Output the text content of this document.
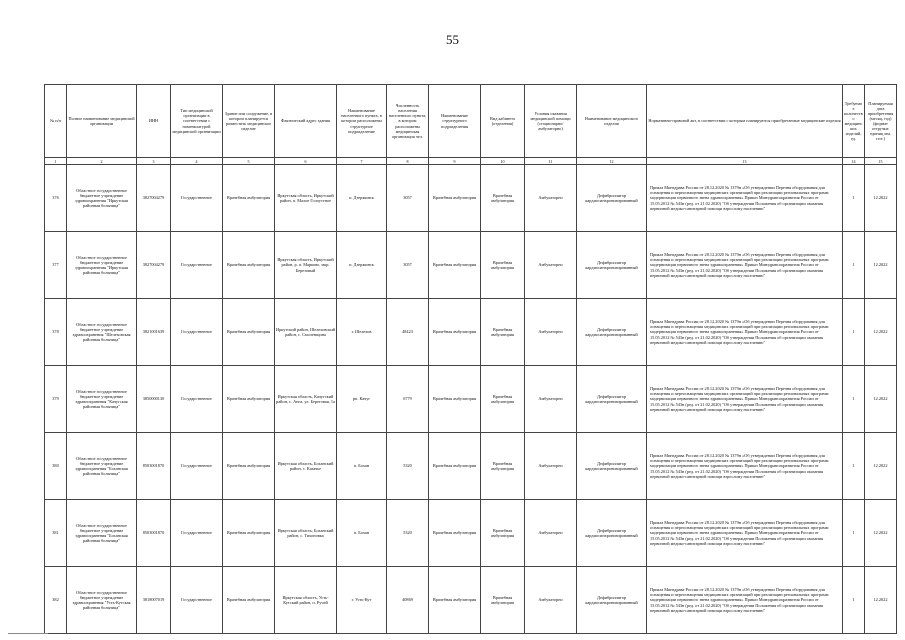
55
№ п/п	Полное наименование медицинской организации	ИНН	Тип медицинской организации в соответствии с номенклатурой медицинской организации	Здание или сооружение, в котором планируется разместить медицинское изделие	Фактический адрес здания	Наименование населенного пункта, в котором расположены структурное подразделение	Численность населения населенного пункта, в котором расположены медицинская организация чел.	Наименование структурного подразделения	Вид кабинета (отделения)	Условия оказания медицинской помощи (стационарно/амбулаторно)	Наименование медицинского изделия	Нормативно-правовой акт, в соответствии с которым планируются приобретаемые медицинские изделия	Требуемое количество медицинских изделий, ед.	Планируемая дата приобретения (месяц, год) (формат отгрузки: единиц мм. гггг.)
1	2	3	4	5	6	7	8	9	10	11	12	13	14	15
376	Областное государственное бюджетное учреждение здравоохранения "Иркутская районная больница"	3827004279	Государственное	Врачебная амбулатория	Иркутская область, Иркутский район, п. Малое Голоустное	п. Дзержинск	3057	Врачебная амбулатория	Врачебная амбулатория	Амбулаторно	Дефибриллятор кардиосинхронизированный	Приказ Минздрава России от 28.12.2020 № 1379н «Об утверждении Перечня оборудования для оснащения и переоснащения медицинских организаций при реализации региональных программ модернизации первичного звена здравоохранения» Приказ Минздравсоцразвития России от 15.05.2012 № 543н (ред. от 21.02.2020) "Об утверждении Положения об организации оказания первичной медико-санитарной помощи взрослому населению"	1	12.2022
377	Областное государственное бюджетное учреждение здравоохранения "Иркутская районная больница"	3827004279	Государственное	Врачебная амбулатория	Иркутская область, Иркутский район, р. п. Марково, мкр. Березовый	п. Дзержинск	3057	Врачебная амбулатория	Врачебная амбулатория	Амбулаторно	Дефибриллятор кардиосинхронизированный	Приказ Минздрава России от 28.12.2020 № 1379н «Об утверждении Перечня оборудования для оснащения и переоснащения медицинских организаций при реализации региональных программ модернизации первичного звена здравоохранения» Приказ Минздравсоцразвития России от 15.05.2012 № 543н (ред. от 21.02.2020) "Об утверждении Положения об организации оказания первичной медико-санитарной помощи взрослому населению"	1	12.2022
378	Областное государственное бюджетное учреждение здравоохранения "Шелеховская районная больница"	3821001639	Государственное	Врачебная амбулатория	Иркутский район, Шелеховский район, с. Смоленщина	г. Шелехов	48423	Врачебная амбулатория	Врачебная амбулатория	Амбулаторно	Дефибриллятор кардиосинхронизированный	Приказ Минздрава России от 28.12.2020 № 1379н «Об утверждении Перечня оборудования для оснащения и переоснащения медицинских организаций при реализации региональных программ модернизации первичного звена здравоохранения» Приказ Минздравсоцразвития России от 15.05.2012 № 543н (ред. от 21.02.2020) "Об утверждении Положения об организации оказания первичной медико-санитарной помощи взрослому населению"	1	12.2022
379	Областное государственное бюджетное учреждение здравоохранения "Качугская районная больница"	3850000130	Государственное	Врачебная амбулатория	Иркутская область, Качугский район, с. Анга, ул. Береговая, 1а	рп. Качуг	6779	Врачебная амбулатория	Врачебная амбулатория	Амбулаторно	Дефибриллятор кардиосинхронизированный	Приказ Минздрава России от 28.12.2020 № 1379н «Об утверждении Перечня оборудования для оснащения и переоснащения медицинских организаций при реализации региональных программ модернизации первичного звена здравоохранения» Приказ Минздравсоцразвития России от 15.05.2012 № 543н (ред. от 21.02.2020) "Об утверждении Положения об организации оказания первичной медико-санитарной помощи взрослому населению"	1	12.2022
380	Областное государственное бюджетное учреждение здравоохранения "Боханская районная больница"	8503001870	Государственное	Врачебная амбулатория	Иркутская область, Боханский район, с. Казачье	п. Бохан	5320	Врачебная амбулатория	Врачебная амбулатория	Амбулаторно	Дефибриллятор кардиосинхронизированный	Приказ Минздрава России от 28.12.2020 № 1379н «Об утверждении Перечня оборудования для оснащения и переоснащения медицинских организаций при реализации региональных программ модернизации первичного звена здравоохранения» Приказ Минздравсоцразвития России от 15.05.2012 № 543н (ред. от 21.02.2020) "Об утверждении Положения об организации оказания первичной медико-санитарной помощи взрослому населению"	1	12.2022
381	Областное государственное бюджетное учреждение здравоохранения "Боханская районная больница"	8503001870	Государственное	Врачебная амбулатория	Иркутская область, Боханский район, с. Тихоновка	п. Бохан	5320	Врачебная амбулатория	Врачебная амбулатория	Амбулаторно	Дефибриллятор кардиосинхронизированный	Приказ Минздрава России от 28.12.2020 № 1379н «Об утверждении Перечня оборудования для оснащения и переоснащения медицинских организаций при реализации региональных программ модернизации первичного звена здравоохранения» Приказ Минздравсоцразвития России от 15.05.2012 № 543н (ред. от 21.02.2020) "Об утверждении Положения об организации оказания первичной медико-санитарной помощи взрослому населению"	1	12.2022
382	Областное государственное бюджетное учреждение здравоохранения "Усть-Кутская районная больница"	3818007019	Государственное	Врачебная амбулатория	Иркутская область, Усть-Кутский район, п. Ручей	г. Усть-Кут	40869	Врачебная амбулатория	Врачебная амбулатория	Амбулаторно	Дефибриллятор кардиосинхронизированный	Приказ Минздрава России от 28.12.2020 № 1379н «Об утверждении Перечня оборудования для оснащения и переоснащения медицинских организаций при реализации региональных программ модернизации первичного звена здравоохранения» Приказ Минздравсоцразвития России от 15.05.2012 № 543н (ред. от 21.02.2020) "Об утверждении Положения об организации оказания первичной медико-санитарной помощи взрослому населению"	1	12.2022
